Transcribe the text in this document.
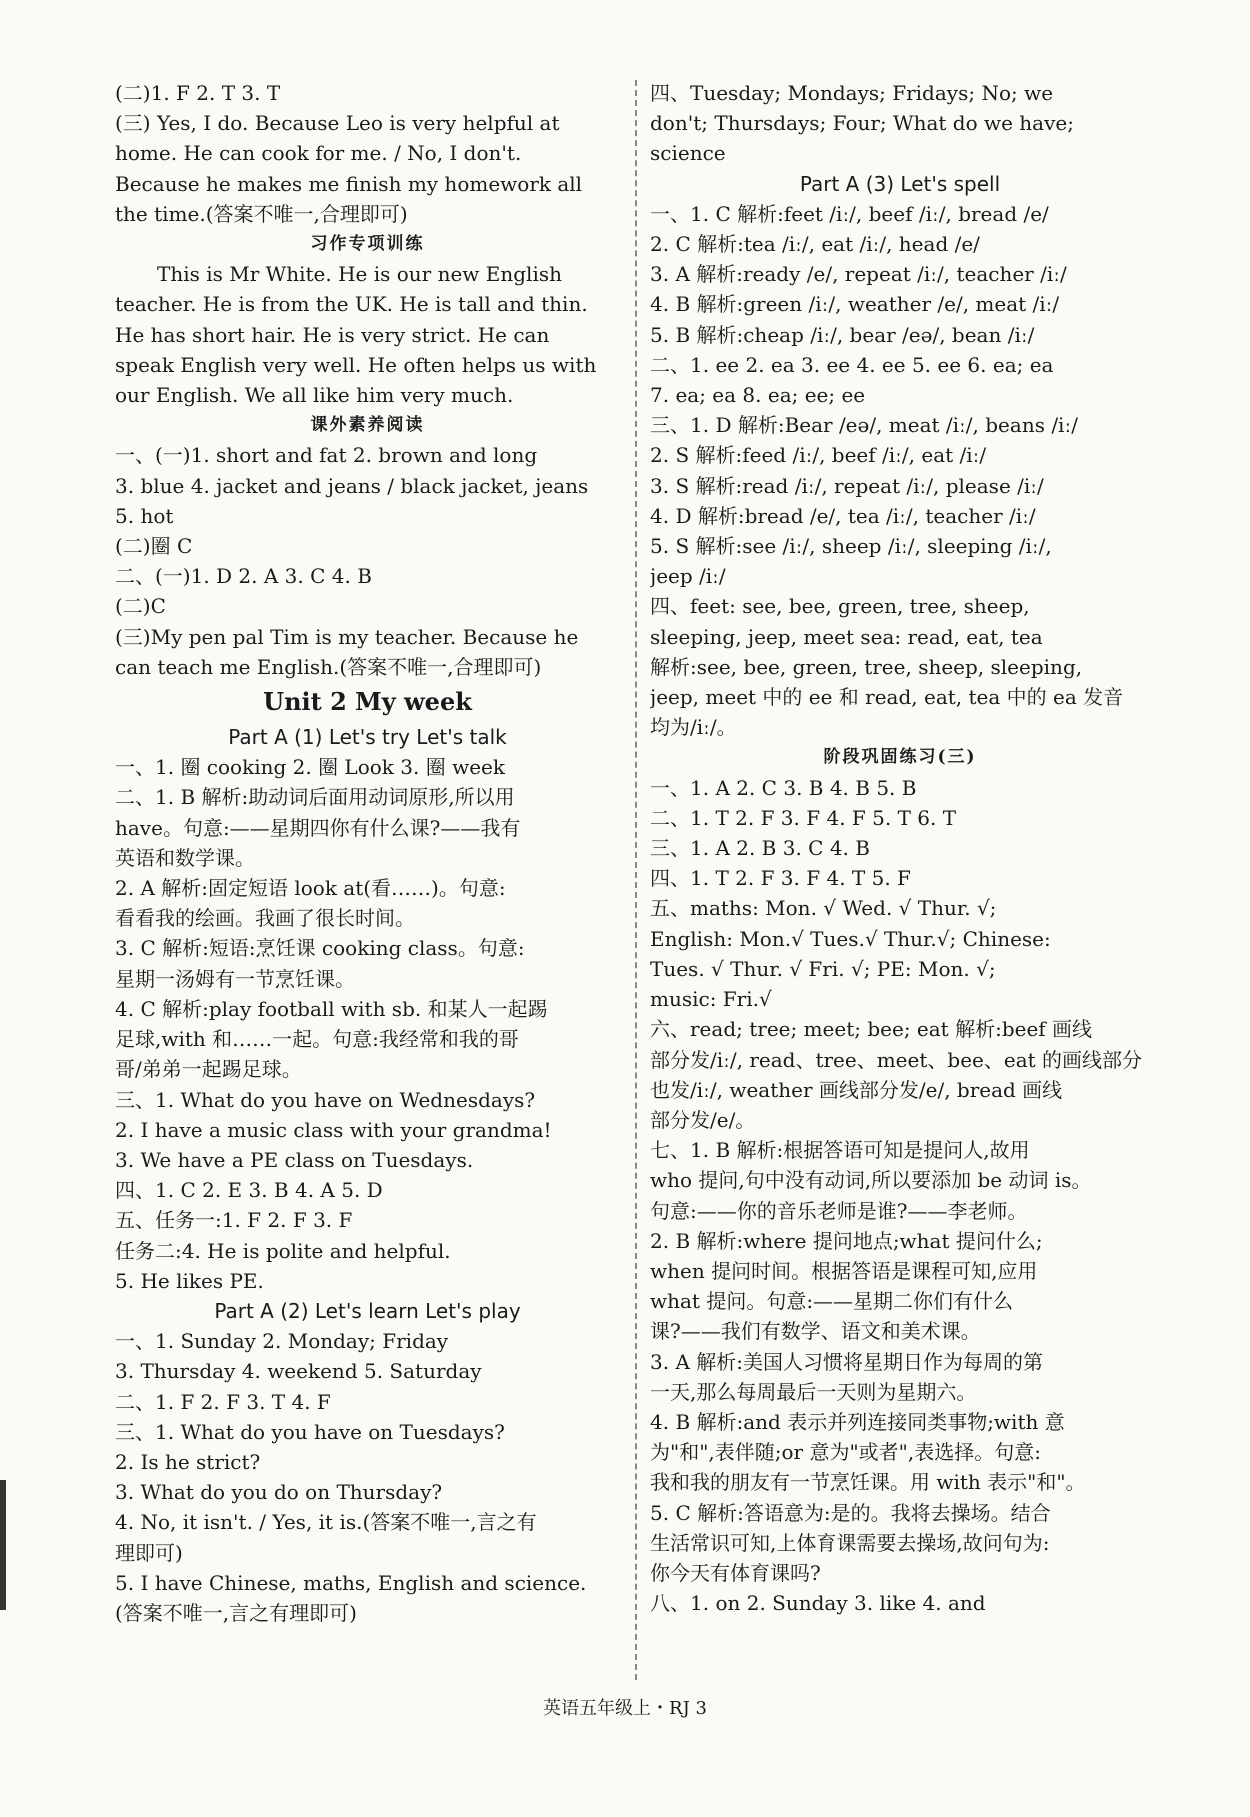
(二)1. F 2. T 3. T
(三) Yes, I do. Because Leo is very helpful at
home. He can cook for me. / No, I don't.
Because he makes me finish my homework all
the time.(答案不唯一,合理即可)
习作专项训练
This is Mr White. He is our new English
teacher. He is from the UK. He is tall and thin.
He has short hair. He is very strict. He can
speak English very well. He often helps us with
our English. We all like him very much.
课外素养阅读
一、(一)1. short and fat 2. brown and long
3. blue 4. jacket and jeans / black jacket, jeans
5. hot
(二)圈 C
二、(一)1. D 2. A 3. C 4. B
(二)C
(三)My pen pal Tim is my teacher. Because he
can teach me English.(答案不唯一,合理即可)
Unit 2 My week
Part A (1) Let's try Let's talk
一、1. 圈 cooking 2. 圈 Look 3. 圈 week
二、1. B 解析:助动词后面用动词原形,所以用
have。句意:——星期四你有什么课?——我有
英语和数学课。
2. A 解析:固定短语 look at(看……)。句意:
看看我的绘画。我画了很长时间。
3. C 解析:短语:烹饪课 cooking class。句意:
星期一汤姆有一节烹饪课。
4. C 解析:play football with sb. 和某人一起踢
足球,with 和……一起。句意:我经常和我的哥
哥/弟弟一起踢足球。
三、1. What do you have on Wednesdays?
2. I have a music class with your grandma!
3. We have a PE class on Tuesdays.
四、1. C 2. E 3. B 4. A 5. D
五、任务一:1. F 2. F 3. F
任务二:4. He is polite and helpful.
5. He likes PE.
Part A (2) Let's learn Let's play
一、1. Sunday 2. Monday; Friday
3. Thursday 4. weekend 5. Saturday
二、1. F 2. F 3. T 4. F
三、1. What do you have on Tuesdays?
2. Is he strict?
3. What do you do on Thursday?
4. No, it isn't. / Yes, it is.(答案不唯一,言之有
理即可)
5. I have Chinese, maths, English and science.
(答案不唯一,言之有理即可)
四、Tuesday; Mondays; Fridays; No; we
don't; Thursdays; Four; What do we have;
science
Part A (3) Let's spell
一、1. C 解析:feet /iː/, beef /iː/, bread /e/
2. C 解析:tea /iː/, eat /iː/, head /e/
3. A 解析:ready /e/, repeat /iː/, teacher /iː/
4. B 解析:green /iː/, weather /e/, meat /iː/
5. B 解析:cheap /iː/, bear /eə/, bean /iː/
二、1. ee 2. ea 3. ee 4. ee 5. ee 6. ea; ea
7. ea; ea 8. ea; ee; ee
三、1. D 解析:Bear /eə/, meat /iː/, beans /iː/
2. S 解析:feed /iː/, beef /iː/, eat /iː/
3. S 解析:read /iː/, repeat /iː/, please /iː/
4. D 解析:bread /e/, tea /iː/, teacher /iː/
5. S 解析:see /iː/, sheep /iː/, sleeping /iː/,
jeep /iː/
四、feet: see, bee, green, tree, sheep,
sleeping, jeep, meet sea: read, eat, tea
解析:see, bee, green, tree, sheep, sleeping,
jeep, meet 中的 ee 和 read, eat, tea 中的 ea 发音
均为/iː/。
阶段巩固练习(三)
一、1. A 2. C 3. B 4. B 5. B
二、1. T 2. F 3. F 4. F 5. T 6. T
三、1. A 2. B 3. C 4. B
四、1. T 2. F 3. F 4. T 5. F
五、maths: Mon. √ Wed. √ Thur. √;
English: Mon.√ Tues.√ Thur.√; Chinese:
Tues. √ Thur. √ Fri. √; PE: Mon. √;
music: Fri.√
六、read; tree; meet; bee; eat 解析:beef 画线
部分发/iː/, read、tree、meet、bee、eat 的画线部分
也发/iː/, weather 画线部分发/e/, bread 画线
部分发/e/。
七、1. B 解析:根据答语可知是提问人,故用
who 提问,句中没有动词,所以要添加 be 动词 is。
句意:——你的音乐老师是谁?——李老师。
2. B 解析:where 提问地点;what 提问什么;
when 提问时间。根据答语是课程可知,应用
what 提问。句意:——星期二你们有什么
课?——我们有数学、语文和美术课。
3. A 解析:美国人习惯将星期日作为每周的第
一天,那么每周最后一天则为星期六。
4. B 解析:and 表示并列连接同类事物;with 意
为"和",表伴随;or 意为"或者",表选择。句意:
我和我的朋友有一节烹饪课。用 with 表示"和"。
5. C 解析:答语意为:是的。我将去操场。结合
生活常识可知,上体育课需要去操场,故问句为:
你今天有体育课吗?
八、1. on 2. Sunday 3. like 4. and
英语五年级上・RJ 3
